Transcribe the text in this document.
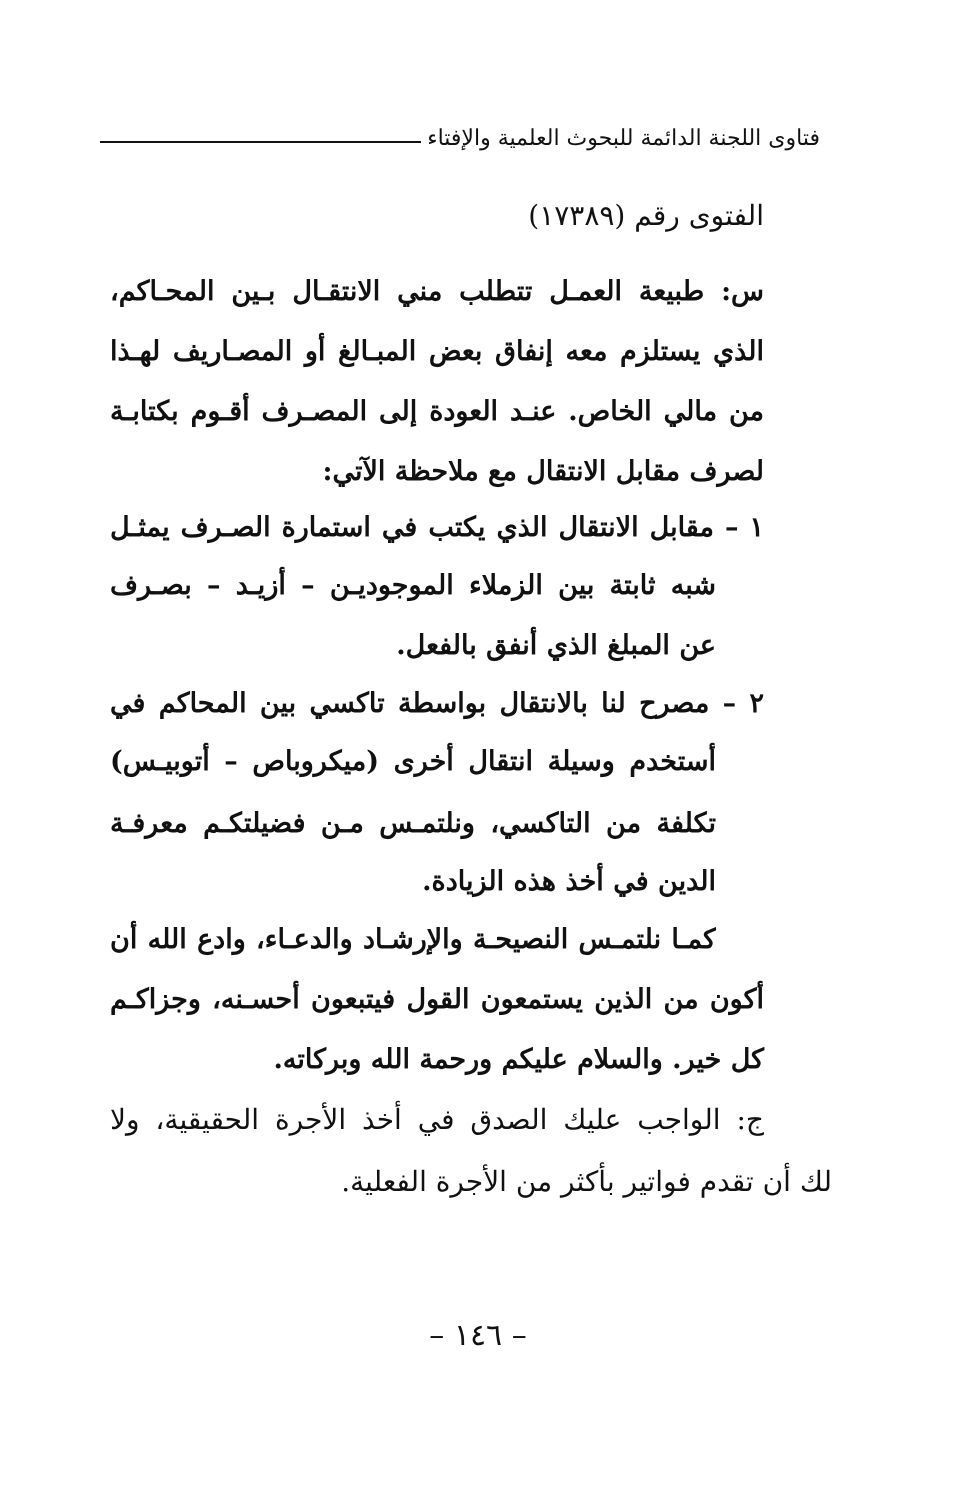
فتاوى اللجنة الدائمة للبحوث العلمية والإفتاء
الفتوى رقم (١٧٣٨٩)
س: طبيعة العمـل تتطلب مني الانتقـال بـين المحـاكم،
الذي يستلزم معه إنفاق بعض المبـالغ أو المصـاريف لهـذا
من مالي الخاص. عنـد العودة إلى المصـرف أقـوم بكتابـة
لصرف مقابل الانتقال مع ملاحظة الآتي:
١ – مقابل الانتقال الذي يكتب في استمارة الصـرف يمثـل
شبه ثابتة بين الزملاء الموجوديـن – أزيـد – بصـرف
عن المبلغ الذي أنفق بالفعل.
٢ – مصرح لنا بالانتقال بواسطة تاكسي بين المحاكم في
أستخدم وسيلة انتقال أخرى (ميكروباص – أتوبيـس)
تكلفة من التاكسي، ونلتمـس مـن فضيلتكـم معرفـة
الدين في أخذ هذه الزيادة.
كمـا نلتمـس النصيحـة والإرشـاد والدعـاء، وادع الله أن
أكون من الذين يستمعون القول فيتبعون أحسـنه، وجزاكـم
كل خير. والسلام عليكم ورحمة الله وبركاته.
ج: الواجب عليك الصدق في أخذ الأجرة الحقيقية، ولا
لك أن تقدم فواتير بأكثر من الأجرة الفعلية.
– ١٤٦ –
